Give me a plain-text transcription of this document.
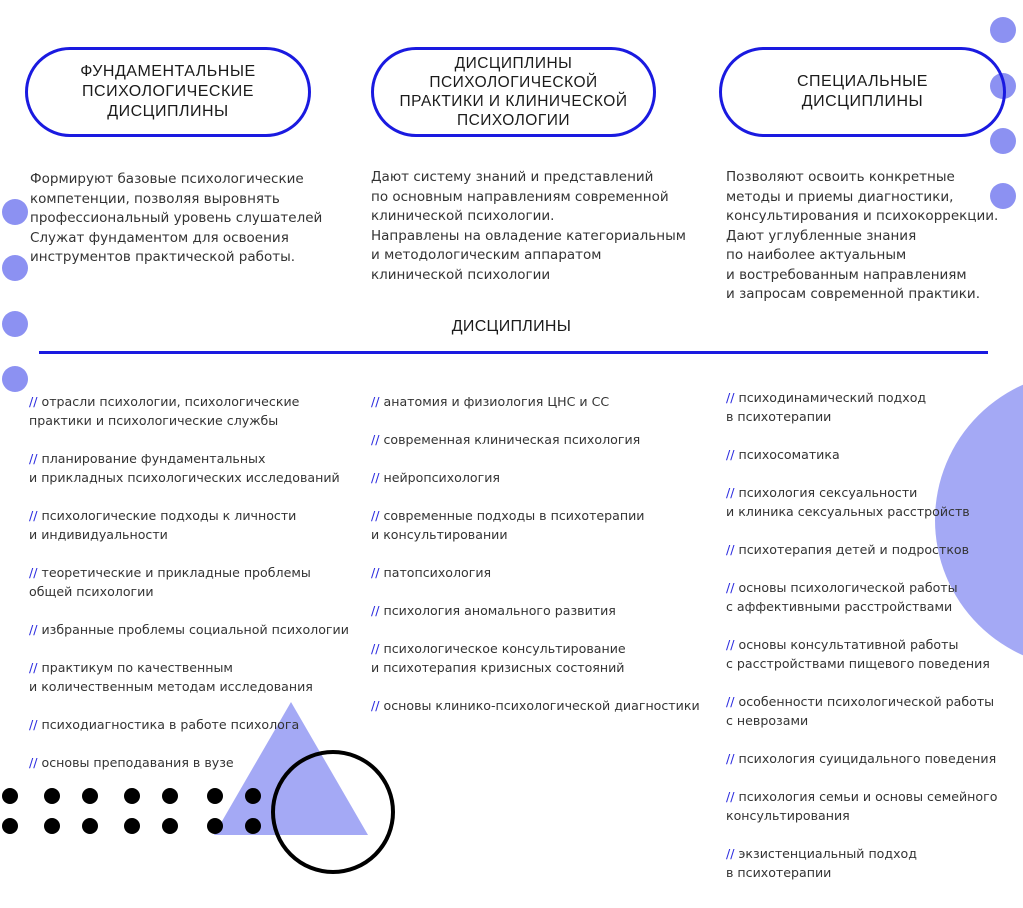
ФУНДАМЕНТАЛЬНЫЕ
ПСИХОЛОГИЧЕСКИЕ
ДИСЦИПЛИНЫ
ДИСЦИПЛИНЫ
ПСИХОЛОГИЧЕСКОЙ
ПРАКТИКИ И КЛИНИЧЕСКОЙ
ПСИХОЛОГИИ
СПЕЦИАЛЬНЫЕ
ДИСЦИПЛИНЫ
Формируют базовые психологические
компетенции, позволяя выровнять
профессиональный уровень слушателей
Служат фундаментом для освоения
инструментов практической работы.
Дают систему знаний и представлений
по основным направлениям современной
клинической психологии.
Направлены на овладение категориальным
и методологическим аппаратом
клинической психологии
Позволяют освоить конкретные
методы и приемы диагностики,
консультирования и психокоррекции.
Дают углубленные знания
по наиболее актуальным
и востребованным направлениям
и запросам современной практики.
ДИСЦИПЛИНЫ
// отрасли психологии, психологические
практики и психологические службы
// планирование фундаментальных
и прикладных психологических исследований
// психологические подходы к личности
и индивидуальности
// теоретические и прикладные проблемы
общей психологии
// избранные проблемы социальной психологии
// практикум по качественным
и количественным методам исследования
// психодиагностика в работе психолога
// основы преподавания в вузе
// анатомия и физиология ЦНС и СС
// современная клиническая психология
// нейропсихология
// современные подходы в психотерапии
и консультировании
// патопсихология
// психология аномального развития
// психологическое консультирование
и психотерапия кризисных состояний
// основы клинико-психологической диагностики
// психодинамический подход
в психотерапии
// психосоматика
// психология сексуальности
и клиника сексуальных расстройств
// психотерапия детей и подростков
// основы психологической работы
с аффективными расстройствами
// основы консультативной работы
с расстройствами пищевого поведения
// особенности психологической работы
с неврозами
// психология суицидального поведения
// психология семьи и основы семейного
консультирования
// экзистенциальный подход
в психотерапии
